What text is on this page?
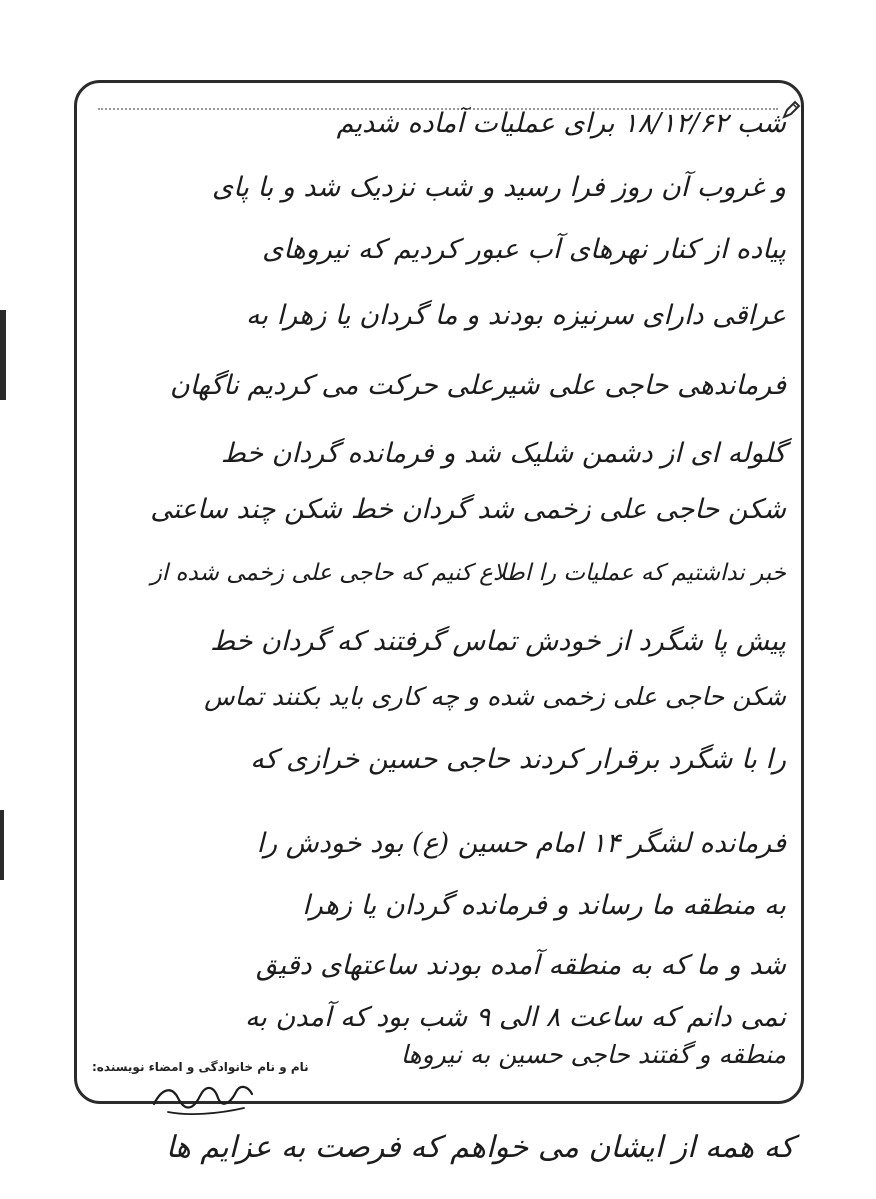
شب ۱۸/۱۲/۶۲ برای عملیات آماده شدیم
و غروب آن روز فرا رسید و شب نزدیک شد و با پای
پیاده از کنار نهرهای آب عبور کردیم که نیروهای
عراقی دارای سرنیزه بودند و ما گردان یا زهرا به
فرماندهی حاجی علی شیرعلی حرکت می کردیم ناگهان
گلوله ای از دشمن شلیک شد و فرمانده گردان خط
شکن حاجی علی زخمی شد گردان خط شکن چند ساعتی
خبر نداشتیم که عملیات را اطلاع کنیم که حاجی علی زخمی شده از
پیش پا شگرد از خودش تماس گرفتند که گردان خط
شکن حاجی علی زخمی شده و چه کاری باید بکنند تماس
را با شگرد برقرار کردند حاجی حسین خرازی که
فرمانده لشگر ۱۴ امام حسین (ع) بود خودش را
به منطقه ما رساند و فرمانده گردان یا زهرا
شد و ما که به منطقه آمده بودند ساعتهای دقیق
نمی دانم که ساعت ۸ الی ۹ شب بود که آمدن به
منطقه و گفتند حاجی حسین به نیروها
نام و نام خانوادگی و امضاء نویسنده:
که همه از ایشان می خواهم که فرصت به عزایم ها
